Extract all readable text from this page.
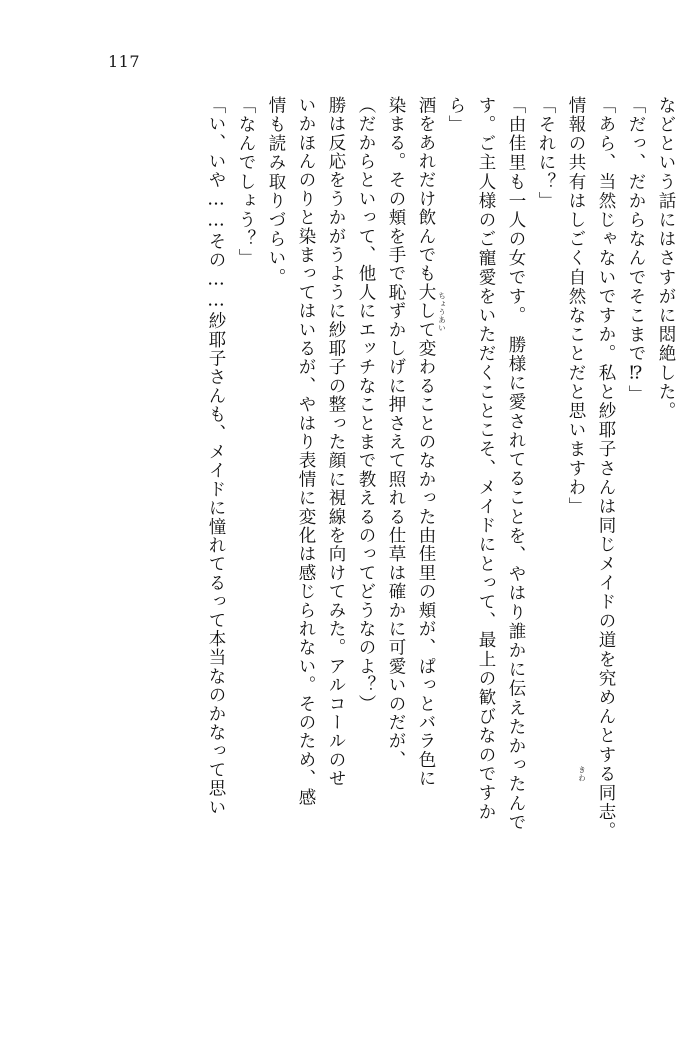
117
などという話にはさすがに悶絶した。
「だっ、だからなんでそこまで⁉」
「あら、当然じゃないですか。私と紗耶子さんは同じメイドの道を究めんとする同志。
情報の共有はしごく自然なことだと思いますわ」
「それに？」
「由佳里も一人の女です。　勝様に愛されてることを、やはり誰かに伝えたかったんで
す。ご主人様のご寵愛をいただくことこそ、メイドにとって、最上の歓びなのですか
ら」
酒をあれだけ飲んでも大して変わることのなかった由佳里の頬が、ぱっとバラ色に
染まる。その頬を手で恥ずかしげに押さえて照れる仕草は確かに可愛いのだが、
（だからといって、他人にエッチなことまで教えるのってどうなのよ？）
勝は反応をうかがうように紗耶子の整った顔に視線を向けてみた。アルコールのせ
いかほんのりと染まってはいるが、やはり表情に変化は感じられない。そのため、感
情も読み取りづらい。
「なんでしょう？」
「い、いや……その……紗耶子さんも、メイドに憧れてるって本当なのかなって思い	ちょうあい
きわ
